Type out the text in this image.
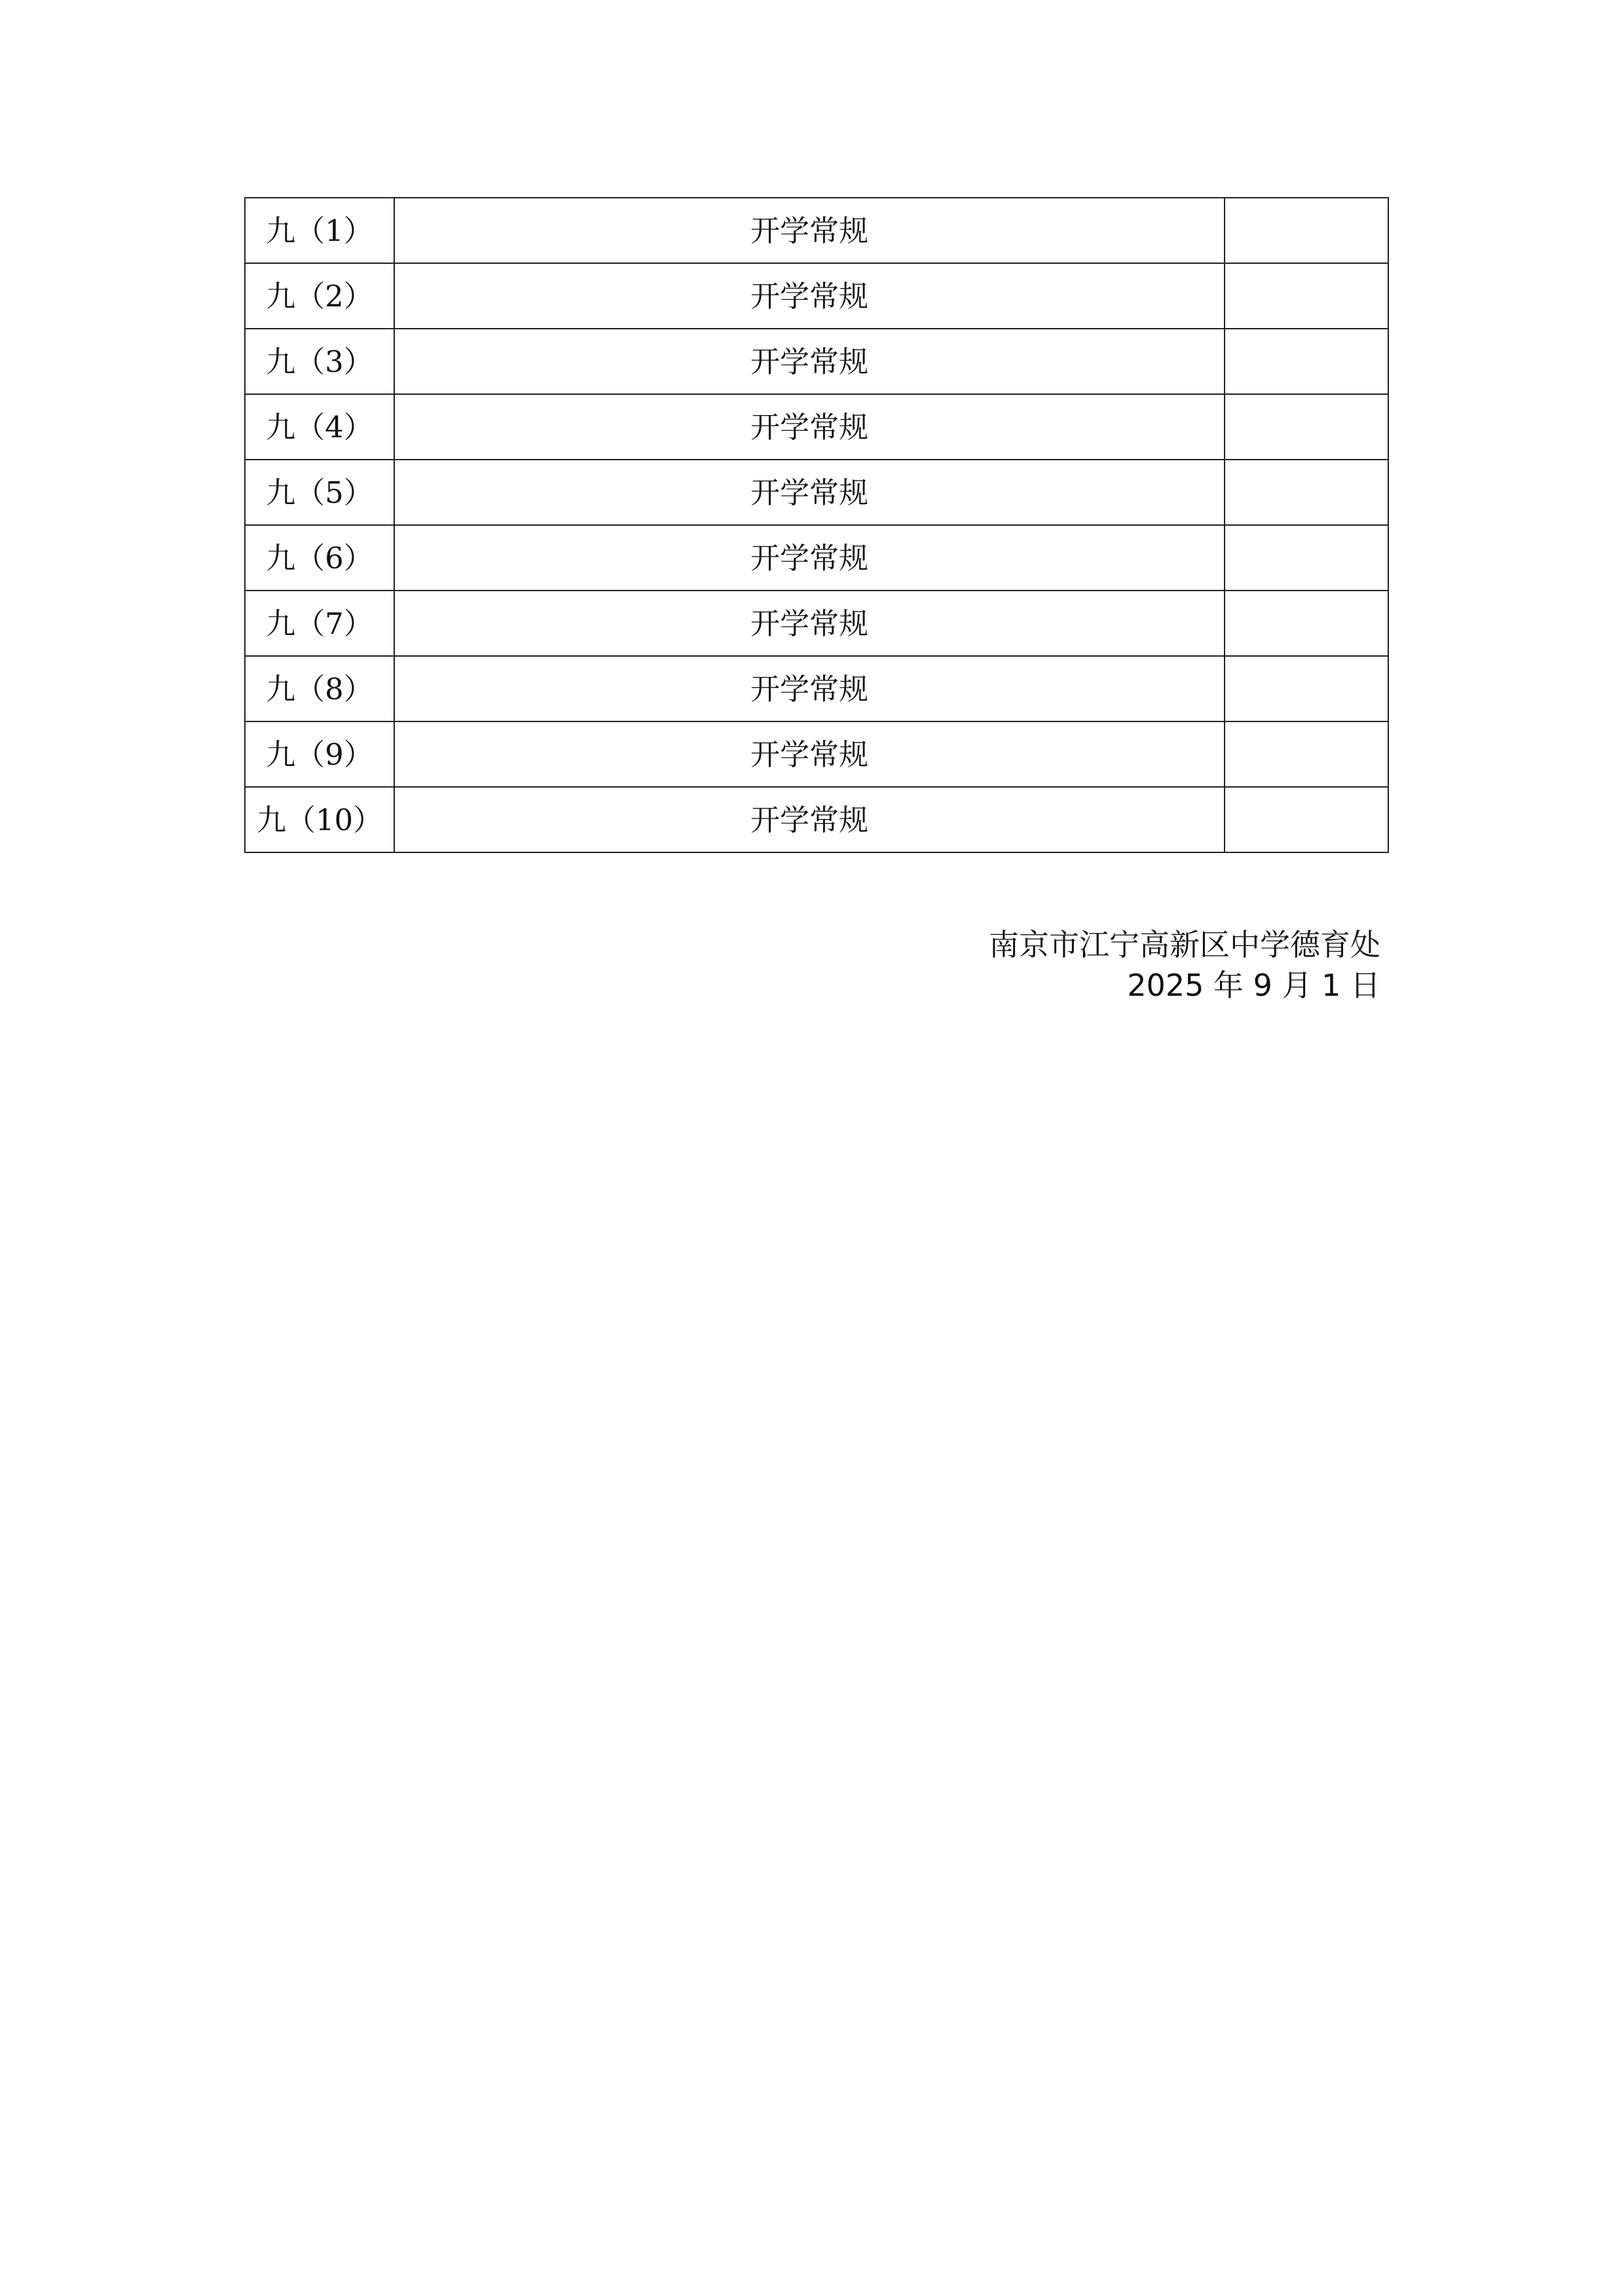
九（1）	开学常规	
九（2）	开学常规	
九（3）	开学常规	
九（4）	开学常规	
九（5）	开学常规	
九（6）	开学常规	
九（7）	开学常规	
九（8）	开学常规	
九（9）	开学常规	
九（10）	开学常规	
南京市江宁高新区中学德育处
2025 年 9 月 1 日
